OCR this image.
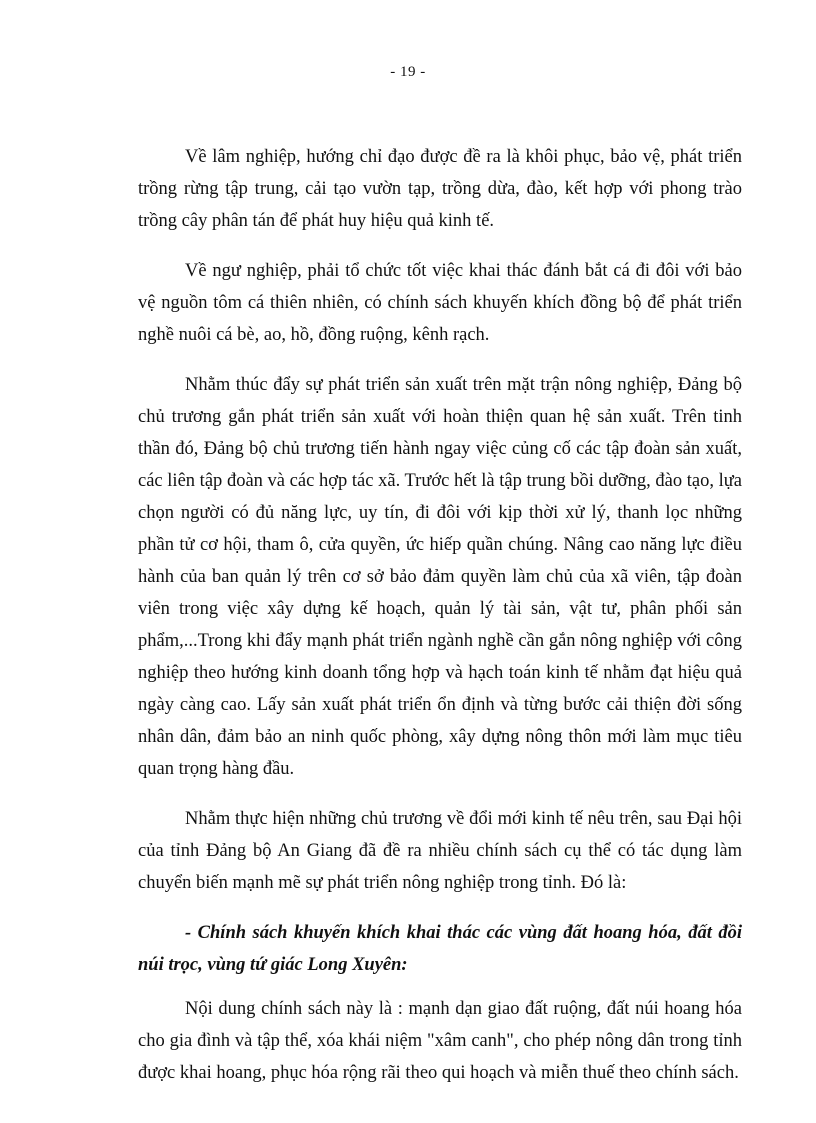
- 19 -

Về lâm nghiệp, hướng chỉ đạo được đề ra là khôi phục, bảo vệ, phát triển trồng rừng tập trung, cải tạo vườn tạp, trồng dừa, đào, kết hợp với phong trào trồng cây phân tán để phát huy hiệu quả kinh tế.

Về ngư nghiệp, phải tổ chức tốt việc khai thác đánh bắt cá đi đôi với bảo vệ nguồn tôm cá thiên nhiên, có chính sách khuyến khích đồng bộ để phát triển nghề nuôi cá bè, ao, hồ, đồng ruộng, kênh rạch.

Nhằm thúc đẩy sự phát triển sản xuất trên mặt trận nông nghiệp, Đảng bộ chủ trương gắn phát triển sản xuất với hoàn thiện quan hệ sản xuất. Trên tinh thần đó, Đảng bộ chủ trương tiến hành ngay việc củng cố các tập đoàn sản xuất, các liên tập đoàn và các hợp tác xã. Trước hết là tập trung bồi dưỡng, đào tạo, lựa chọn người có đủ năng lực, uy tín, đi đôi với kịp thời xử lý, thanh lọc những phần tử cơ hội, tham ô, cửa quyền, ức hiếp quần chúng. Nâng cao năng lực điều hành của ban quản lý trên cơ sở bảo đảm quyền làm chủ của xã viên, tập đoàn viên trong việc xây dựng kế hoạch, quản lý tài sản, vật tư, phân phối sản phẩm,...Trong khi đẩy mạnh phát triển ngành nghề cần gắn nông nghiệp với công nghiệp theo hướng kinh doanh tổng hợp và hạch toán kinh tế nhằm đạt hiệu quả ngày càng cao. Lấy sản xuất phát triển ổn định và từng bước cải thiện đời sống nhân dân, đảm bảo an ninh quốc phòng, xây dựng nông thôn mới làm mục tiêu quan trọng hàng đầu.

Nhằm thực hiện những chủ trương về đổi mới kinh tế nêu trên, sau Đại hội của tỉnh Đảng bộ An Giang đã đề ra nhiều chính sách cụ thể có tác dụng làm chuyển biến mạnh mẽ sự phát triển nông nghiệp trong tỉnh. Đó là:

- Chính sách khuyến khích khai thác các vùng đất hoang hóa, đất đồi núi trọc, vùng tứ giác Long Xuyên:

Nội dung chính sách này là : mạnh dạn giao đất ruộng, đất núi hoang hóa cho gia đình và tập thể, xóa khái niệm "xâm canh", cho phép nông dân trong tỉnh được khai hoang, phục hóa rộng rãi theo qui hoạch và miễn thuế theo chính sách.
